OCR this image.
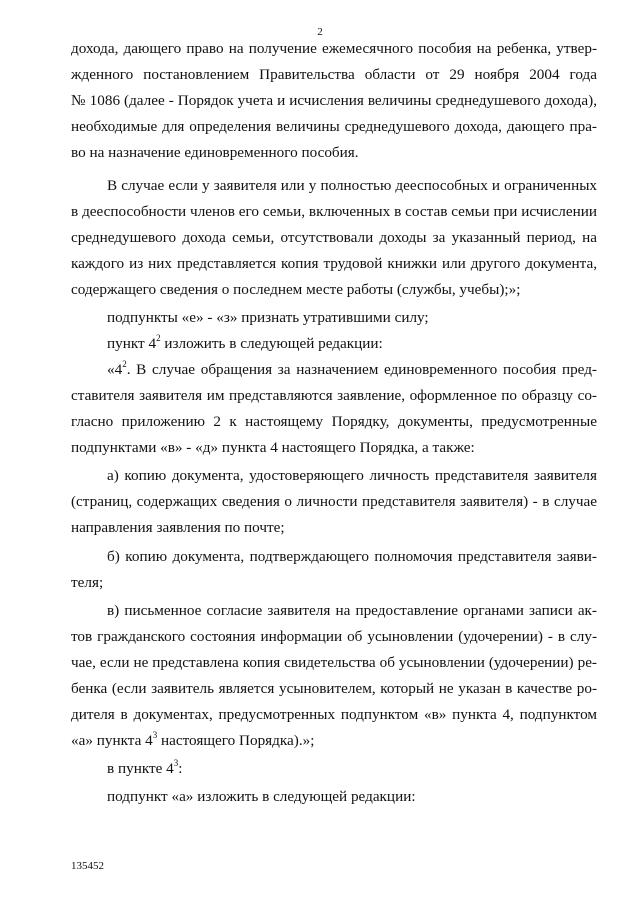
2
дохода, дающего право на получение ежемесячного пособия на ребенка, утвер-
жденного постановлением Правительства области от 29 ноября 2004 года
№ 1086 (далее - Порядок учета и исчисления величины среднедушевого дохода),
необходимые для определения величины среднедушевого дохода, дающего пра-
во на назначение единовременного пособия.
В случае если у заявителя или у полностью дееспособных и ограниченных
в дееспособности членов его семьи, включенных в состав семьи при исчислении
среднедушевого дохода семьи, отсутствовали доходы за указанный период, на
каждого из них представляется копия трудовой книжки или другого документа,
содержащего сведения о последнем месте работы (службы, учебы);»;
подпункты «е» - «з» признать утратившими силу;
пункт $4^2$ изложить в следующей редакции:
«$4^2$. В случае обращения за назначением единовременного пособия пред-
ставителя заявителя им представляются заявление, оформленное по образцу со-
гласно приложению 2 к настоящему Порядку, документы, предусмотренные
подпунктами «в» - «д» пункта 4 настоящего Порядка, а также:
а) копию документа, удостоверяющего личность представителя заявителя
(страниц, содержащих сведения о личности представителя заявителя) - в случае
направления заявления по почте;
б) копию документа, подтверждающего полномочия представителя заяви-
теля;
в) письменное согласие заявителя на предоставление органами записи ак-
тов гражданского состояния информации об усыновлении (удочерении) - в слу-
чае, если не представлена копия свидетельства об усыновлении (удочерении) ре-
бенка (если заявитель является усыновителем, который не указан в качестве ро-
дителя в документах, предусмотренных подпунктом «в» пункта 4, подпунктом
«а» пункта $4^3$ настоящего Порядка).»;
в пункте $4^3$:
подпункт «а» изложить в следующей редакции:
135452
